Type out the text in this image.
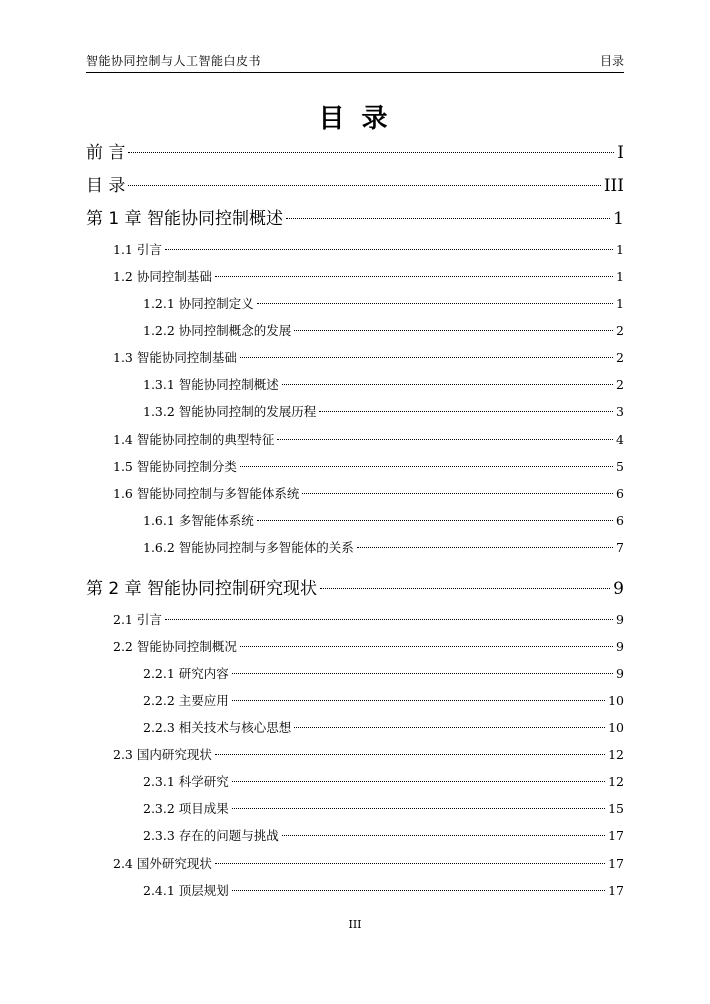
智能协同控制与人工智能白皮书	目录
目 录
前 言	I
目 录	III
第 1 章 智能协同控制概述	1
1.1 引言	1
1.2 协同控制基础	1
1.2.1 协同控制定义	1
1.2.2 协同控制概念的发展	2
1.3 智能协同控制基础	2
1.3.1 智能协同控制概述	2
1.3.2 智能协同控制的发展历程	3
1.4 智能协同控制的典型特征	4
1.5 智能协同控制分类	5
1.6 智能协同控制与多智能体系统	6
1.6.1 多智能体系统	6
1.6.2 智能协同控制与多智能体的关系	7
第 2 章 智能协同控制研究现状	9
2.1 引言	9
2.2 智能协同控制概况	9
2.2.1 研究内容	9
2.2.2 主要应用	10
2.2.3 相关技术与核心思想	10
2.3 国内研究现状	12
2.3.1 科学研究	12
2.3.2 项目成果	15
2.3.3 存在的问题与挑战	17
2.4 国外研究现状	17
2.4.1 顶层规划	17
III
